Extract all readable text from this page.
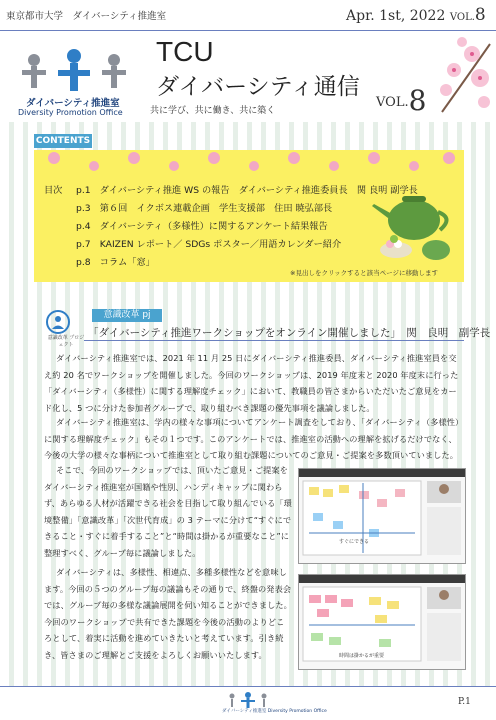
東京都市大学　ダイバーシティ推進室	Apr. 1st, 2022 VOL.8
ダイバーシティ推進室
Diversity Promotion Office
TCU
ダイバーシティ通信
VOL.8
共に学び、共に働き、共に築く
CONTENTS
目次 p.1　 ダイバーシティ推進 WS の報告　ダイバーシティ推進委員長　関 良明 副学長
p.3　 第６回　イクボス連載企画　学生支援部　住田 暁弘部長
p.4　 ダイバーシティ（多様性）に関するアンケート結果報告
p.7　 KAIZEN レポート／ SDGs ポスター／用語カレンダー紹介
p.8　 コラム「窓」
※見出しをクリックすると該当ページに移動します
意識改革 プロジェクト
意識改革 pj
「ダイバーシティ推進ワークショップをオンライン開催しました」　関　良明　副学長
ダイバーシティ推進室では、2021 年 11 月 25 日にダイバーシティ推進委員、ダイバーシティ推進室員を交え約 20 名でワークショップを開催しました。今回のワークショップは、2019 年度末と 2020 年度末に行った「ダイバーシティ（多様性）に関する理解度チェック」において、教職員の皆さまからいただいたご意見をカード化し、5 つに分けた参加者グループで、取り組むべき課題の優先事項を議論しました。
ダイバーシティ推進室は、学内の様々な事項についてアンケート調査をしており、「ダイバーシティ（多様性）に関する理解度チェック」もその１つです。このアンケートでは、推進室の活動への理解を拡げるだけでなく、今後の大学の様々な事柄について推進室として取り組む課題についてのご意見・ご提案を多数頂いていました。
そこで、今回のワークショップでは、頂いたご意見・ご提案をダイバーシティ推進室が国籍や性別、ハンディキャップに関わらず、あらゆる人材が活躍できる社会を目指して取り組んでいる「環境整備」「意識改革」「次世代育成」の 3 テーマに分けて“すぐにできること・すぐに着手すること”と“時間は掛かるが重要なこと”に整理すべく、グループ毎に議論しました。
ダイバーシティは、多様性、相違点、多種多様性などを意味します。今回の５つのグループ毎の議論もその通りで、終盤の発表会では、グループ毎の多様な議論展開を伺い知ることができました。今回のワークショップで共有できた課題を今後の活動のよりどころとして、着実に活動を進めていきたいと考えています。引き続き、皆さまのご理解とご支援をよろしくお願いいたします。
すぐにできる
時間は掛かるが重要
ダイバーシティ推進室 Diversity Promotion Office
P.1
